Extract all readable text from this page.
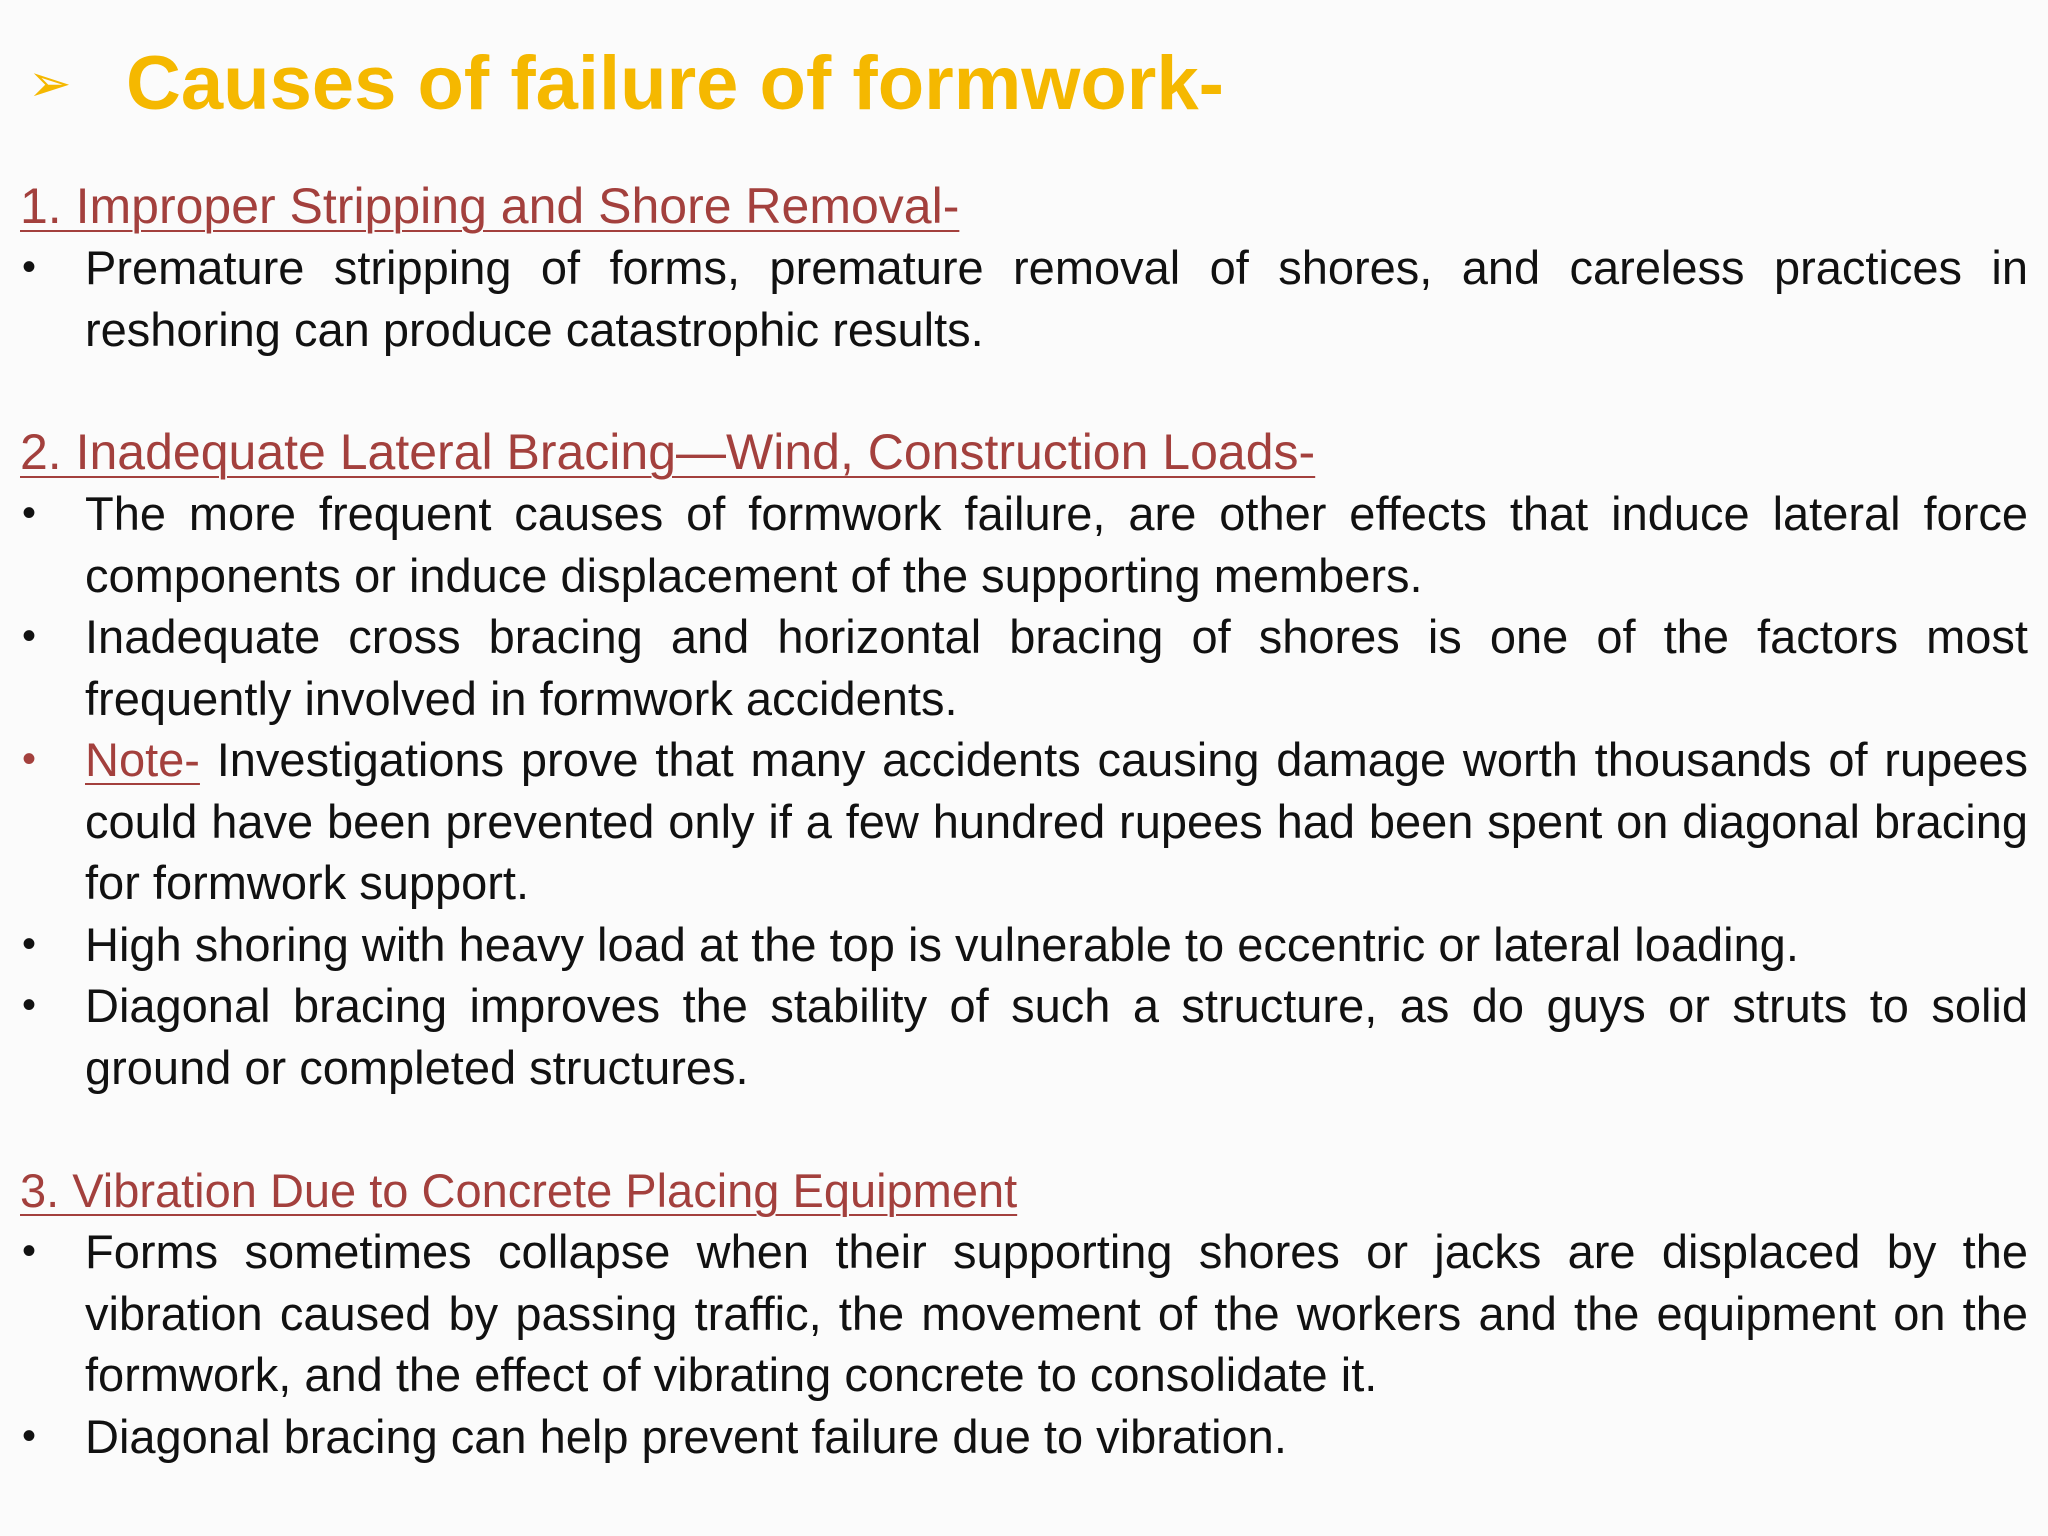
➢ Causes of failure of formwork-

1. Improper Stripping and Shore Removal-

•	Premature stripping of forms, premature removal of shores, and careless practices in reshoring can produce catastrophic results.

2. Inadequate Lateral Bracing—Wind, Construction Loads-

•	The more frequent causes of formwork failure, are other effects that induce lateral force components or induce displacement of the supporting members.
•	Inadequate cross bracing and horizontal bracing of shores is one of the factors most frequently involved in formwork accidents.
•	Note- Investigations prove that many accidents causing damage worth thousands of rupees could have been prevented only if a few hundred rupees had been spent on diagonal bracing for formwork support.
•	High shoring with heavy load at the top is vulnerable to eccentric or lateral loading.
•	Diagonal bracing improves the stability of such a structure, as do guys or struts to solid ground or completed structures.

3. Vibration Due to Concrete Placing Equipment

•	Forms sometimes collapse when their supporting shores or jacks are displaced by the vibration caused by passing traffic, the movement of the workers and the equipment on the formwork, and the effect of vibrating concrete to consolidate it.
•	Diagonal bracing can help prevent failure due to vibration.
